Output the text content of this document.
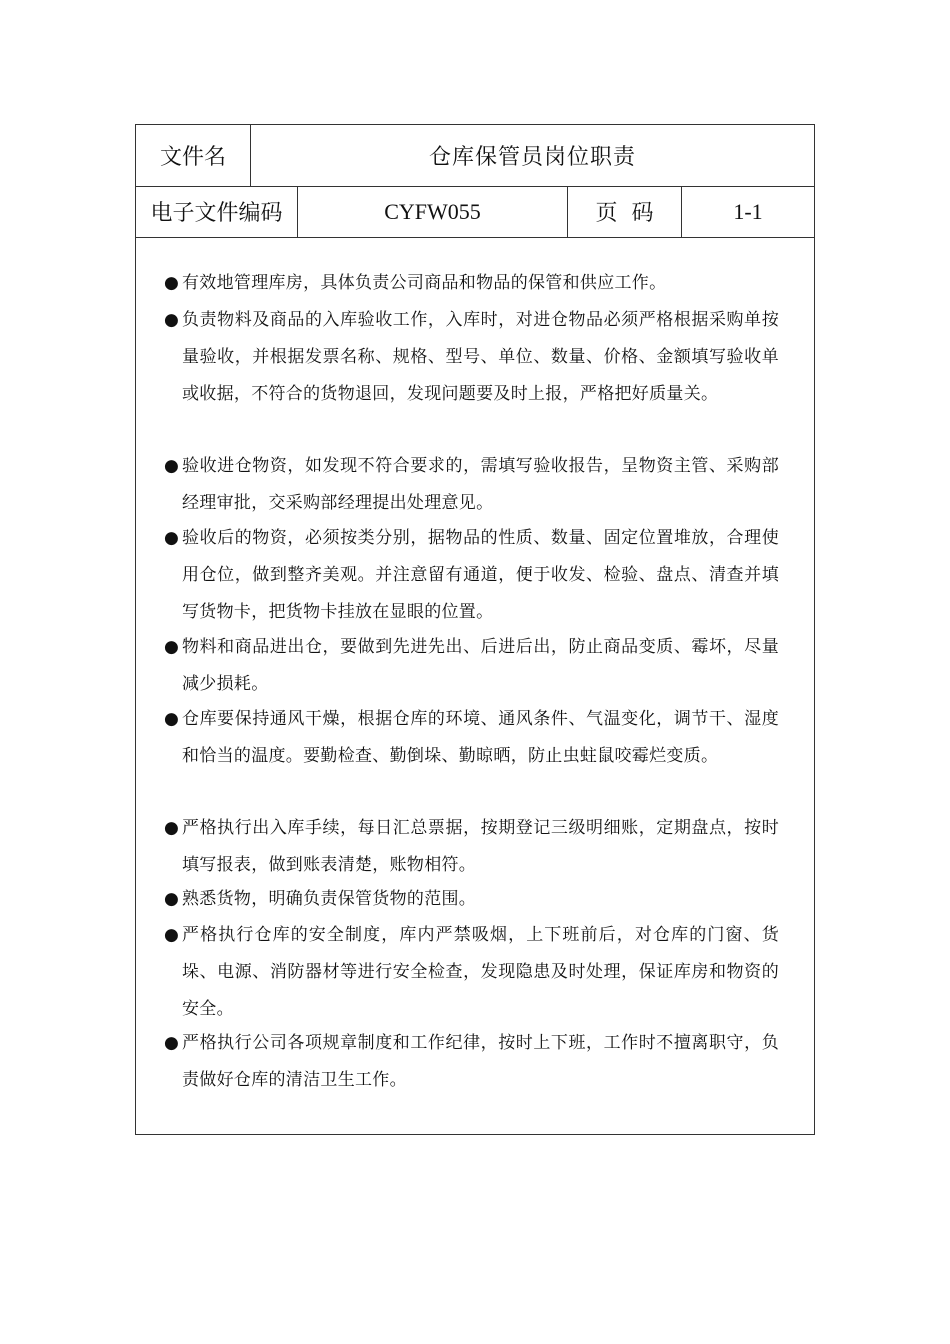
文件名	仓库保管员岗位职责
电子文件编码	CYFW055	页  码	1-1
● 有效地管理库房，具体负责公司商品和物品的保管和供应工作。
● 负责物料及商品的入库验收工作，入库时，对进仓物品必须严格根据采购单按量验收，并根据发票名称、规格、型号、单位、数量、价格、金额填写验收单或收据，不符合的货物退回，发现问题要及时上报，严格把好质量关。
● 验收进仓物资，如发现不符合要求的，需填写验收报告，呈物资主管、采购部经理审批，交采购部经理提出处理意见。
● 验收后的物资，必须按类分别，据物品的性质、数量、固定位置堆放，合理使用仓位，做到整齐美观。并注意留有通道，便于收发、检验、盘点、清查并填写货物卡，把货物卡挂放在显眼的位置。
● 物料和商品进出仓，要做到先进先出、后进后出，防止商品变质、霉坏，尽量减少损耗。
● 仓库要保持通风干燥，根据仓库的环境、通风条件、气温变化，调节干、湿度和恰当的温度。要勤检查、勤倒垛、勤晾晒，防止虫蛀鼠咬霉烂变质。
● 严格执行出入库手续，每日汇总票据，按期登记三级明细账，定期盘点，按时填写报表，做到账表清楚，账物相符。
● 熟悉货物，明确负责保管货物的范围。
● 严格执行仓库的安全制度，库内严禁吸烟，上下班前后，对仓库的门窗、货垛、电源、消防器材等进行安全检查，发现隐患及时处理，保证库房和物资的安全。
● 严格执行公司各项规章制度和工作纪律，按时上下班，工作时不擅离职守，负责做好仓库的清洁卫生工作。
